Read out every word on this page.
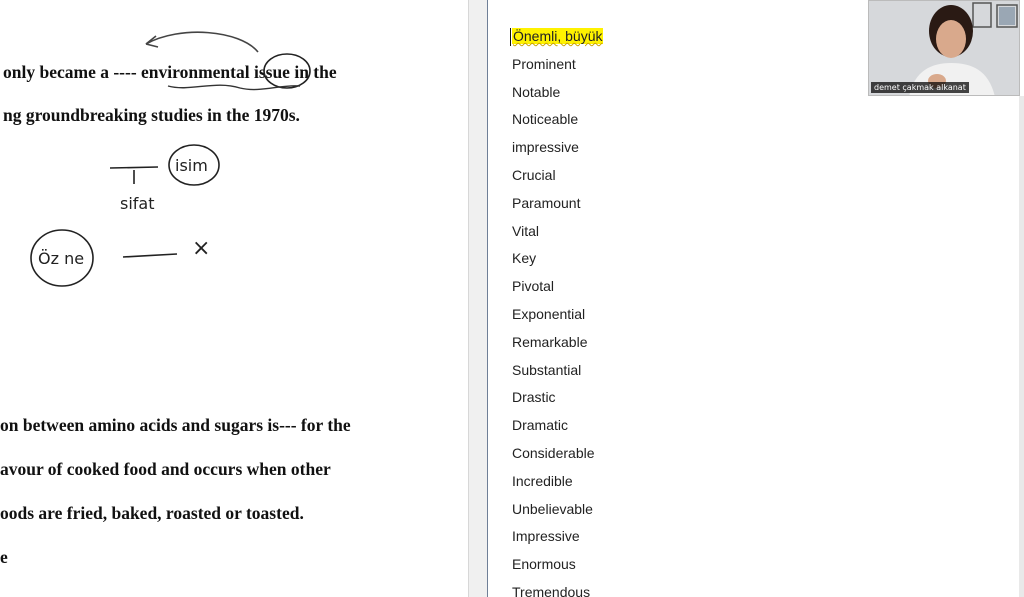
only became a ---- environmental issue in the
ng groundbreaking studies in the 1970s.
on between amino acids and sugars is--- for the
avour of cooked food and occurs when other
oods are fried, baked, roasted or toasted.
e
sifat
isim
Öz ne	×
Önemli, büyük
Prominent
Notable
Noticeable
impressive
Crucial
Paramount
Vital
Key
Pivotal
Exponential
Remarkable
Substantial
Drastic
Dramatic
Considerable
Incredible
Unbelievable
Impressive
Enormous
Tremendous
demet çakmak alkanat
